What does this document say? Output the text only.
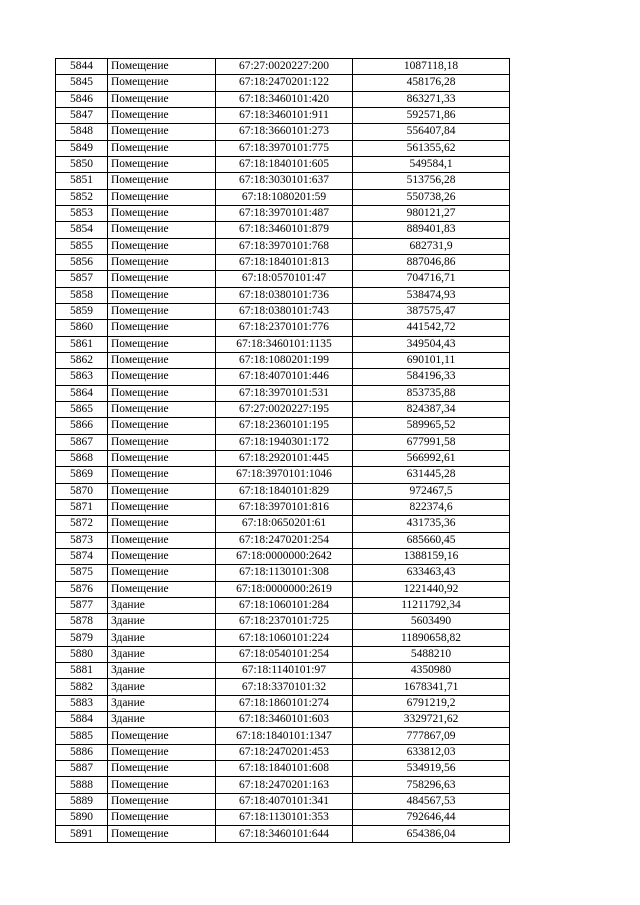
5844	Помещение	67:27:0020227:200	1087118,18
5845	Помещение	67:18:2470201:122	458176,28
5846	Помещение	67:18:3460101:420	863271,33
5847	Помещение	67:18:3460101:911	592571,86
5848	Помещение	67:18:3660101:273	556407,84
5849	Помещение	67:18:3970101:775	561355,62
5850	Помещение	67:18:1840101:605	549584,1
5851	Помещение	67:18:3030101:637	513756,28
5852	Помещение	67:18:1080201:59	550738,26
5853	Помещение	67:18:3970101:487	980121,27
5854	Помещение	67:18:3460101:879	889401,83
5855	Помещение	67:18:3970101:768	682731,9
5856	Помещение	67:18:1840101:813	887046,86
5857	Помещение	67:18:0570101:47	704716,71
5858	Помещение	67:18:0380101:736	538474,93
5859	Помещение	67:18:0380101:743	387575,47
5860	Помещение	67:18:2370101:776	441542,72
5861	Помещение	67:18:3460101:1135	349504,43
5862	Помещение	67:18:1080201:199	690101,11
5863	Помещение	67:18:4070101:446	584196,33
5864	Помещение	67:18:3970101:531	853735,88
5865	Помещение	67:27:0020227:195	824387,34
5866	Помещение	67:18:2360101:195	589965,52
5867	Помещение	67:18:1940301:172	677991,58
5868	Помещение	67:18:2920101:445	566992,61
5869	Помещение	67:18:3970101:1046	631445,28
5870	Помещение	67:18:1840101:829	972467,5
5871	Помещение	67:18:3970101:816	822374,6
5872	Помещение	67:18:0650201:61	431735,36
5873	Помещение	67:18:2470201:254	685660,45
5874	Помещение	67:18:0000000:2642	1388159,16
5875	Помещение	67:18:1130101:308	633463,43
5876	Помещение	67:18:0000000:2619	1221440,92
5877	Здание	67:18:1060101:284	11211792,34
5878	Здание	67:18:2370101:725	5603490
5879	Здание	67:18:1060101:224	11890658,82
5880	Здание	67:18:0540101:254	5488210
5881	Здание	67:18:1140101:97	4350980
5882	Здание	67:18:3370101:32	1678341,71
5883	Здание	67:18:1860101:274	6791219,2
5884	Здание	67:18:3460101:603	3329721,62
5885	Помещение	67:18:1840101:1347	777867,09
5886	Помещение	67:18:2470201:453	633812,03
5887	Помещение	67:18:1840101:608	534919,56
5888	Помещение	67:18:2470201:163	758296,63
5889	Помещение	67:18:4070101:341	484567,53
5890	Помещение	67:18:1130101:353	792646,44
5891	Помещение	67:18:3460101:644	654386,04
